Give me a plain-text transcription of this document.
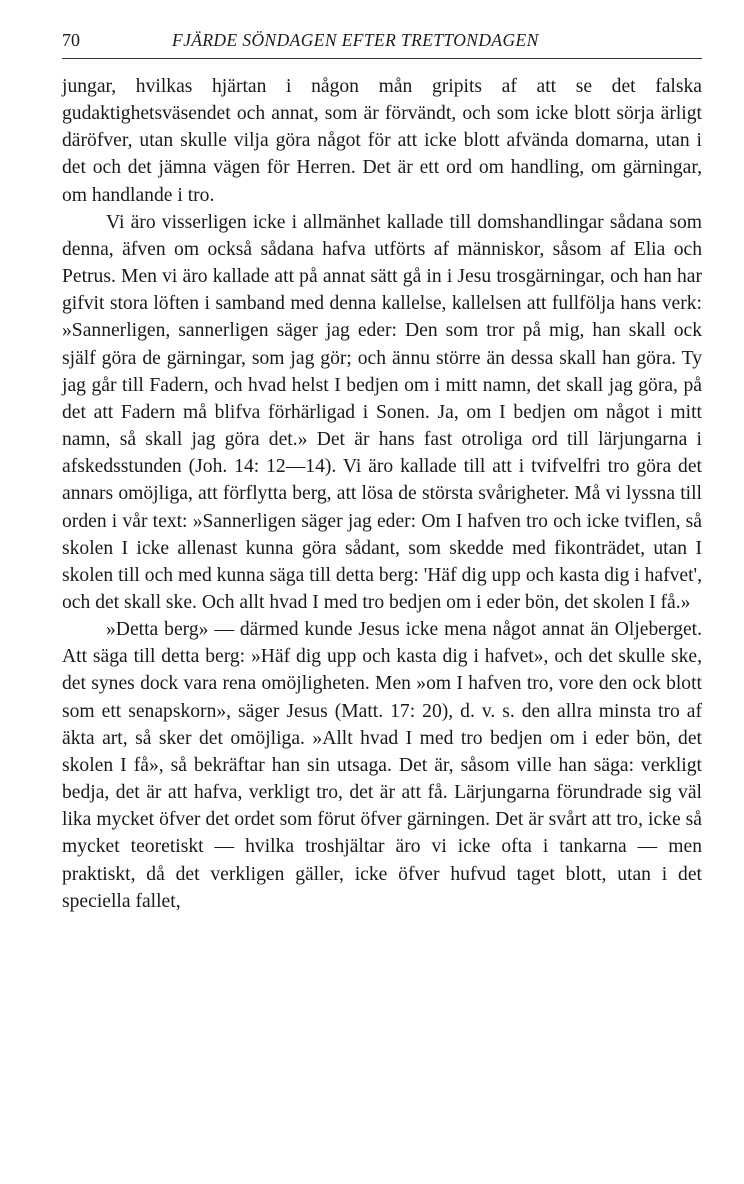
70	FJÄRDE SÖNDAGEN EFTER TRETTONDAGEN

jungar, hvilkas hjärtan i någon mån gripits af att se det falska gudaktighetsväsendet och annat, som är förvändt, och som icke blott sörja ärligt däröfver, utan skulle vilja göra något för att icke blott afvända domarna, utan i det och det jämna vägen för Herren. Det är ett ord om handling, om gärningar, om handlande i tro.

Vi äro visserligen icke i allmänhet kallade till domshandlingar sådana som denna, äfven om också sådana hafva utförts af människor, såsom af Elia och Petrus. Men vi äro kallade att på annat sätt gå in i Jesu trosgärningar, och han har gifvit stora löften i samband med denna kallelse, kallelsen att fullfölja hans verk: »Sannerligen, sannerligen säger jag eder: Den som tror på mig, han skall ock själf göra de gärningar, som jag gör; och ännu större än dessa skall han göra. Ty jag går till Fadern, och hvad helst I bedjen om i mitt namn, det skall jag göra, på det att Fadern må blifva förhärligad i Sonen. Ja, om I bedjen om något i mitt namn, så skall jag göra det.» Det är hans fast otroliga ord till lärjungarna i afskedsstunden (Joh. 14: 12—14). Vi äro kallade till att i tvifvelfri tro göra det annars omöjliga, att förflytta berg, att lösa de största svårigheter. Må vi lyssna till orden i vår text: »Sannerligen säger jag eder: Om I hafven tro och icke tviflen, så skolen I icke allenast kunna göra sådant, som skedde med fikonträdet, utan I skolen till och med kunna säga till detta berg: 'Häf dig upp och kasta dig i hafvet', och det skall ske. Och allt hvad I med tro bedjen om i eder bön, det skolen I få.»

»Detta berg» — därmed kunde Jesus icke mena något annat än Oljeberget. Att säga till detta berg: »Häf dig upp och kasta dig i hafvet», och det skulle ske, det synes dock vara rena omöjligheten. Men »om I hafven tro, vore den ock blott som ett senapskorn», säger Jesus (Matt. 17: 20), d. v. s. den allra minsta tro af äkta art, så sker det omöjliga. »Allt hvad I med tro bedjen om i eder bön, det skolen I få», så bekräftar han sin utsaga. Det är, såsom ville han säga: verkligt bedja, det är att hafva, verkligt tro, det är att få. Lärjungarna förundrade sig väl lika mycket öfver det ordet som förut öfver gärningen. Det är svårt att tro, icke så mycket teoretiskt — hvilka troshjältar äro vi icke ofta i tankarna — men praktiskt, då det verkligen gäller, icke öfver hufvud taget blott, utan i det speciella fallet,
